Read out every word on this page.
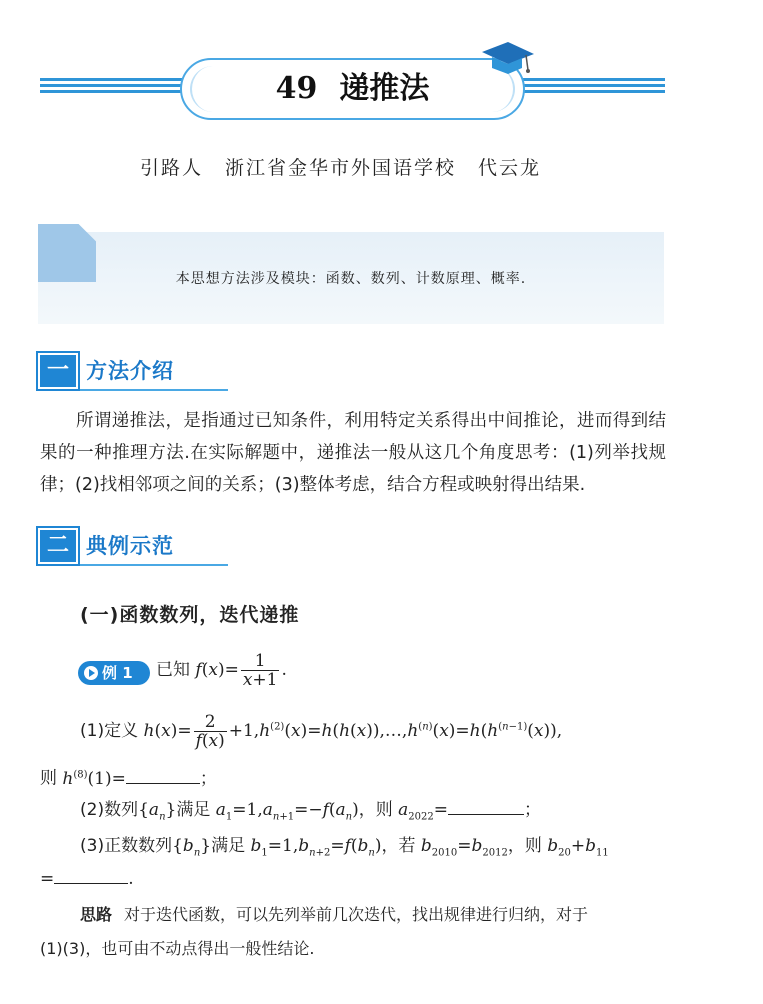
49 递推法
引路人 浙江省金华市外国语学校 代云龙
本思想方法涉及模块：函数、数列、计数原理、概率.
一 方法介绍
所谓递推法，是指通过已知条件，利用特定关系得出中间推论，进而得到结果的一种推理方法.在实际解题中，递推法一般从这几个角度思考：(1)列举找规律；(2)找相邻项之间的关系；(3)整体考虑，结合方程或映射得出结果.
二 典例示范
(一)函数数列，迭代递推
例 1 已知 $f(x)= \frac{1}{x+1}$ .
(1)定义 $h(x)= \frac{2}{f(x)}$ $+1,h^{(2)}(x)=h(h(x)),\dots,h^{(n)}(x)=h(h^{(n-1)}(x))$,
则 $h^{(8)}(1)=$	；
(2)数列$\{a_n\}$满足 $a_1=1,a_{n+1}=-f(a_n)$，则 $a_{2022}=$	；
(3)正数数列$\{b_n\}$满足 $b_1=1,b_{n+2}=f(b_n)$，若 $b_{2010}=b_{2012}$，则 $b_{20}+b_{11}$
=	.
思路 对于迭代函数，可以先列举前几次迭代，找出规律进行归纳，对于
(1)(3)，也可由不动点得出一般性结论.
